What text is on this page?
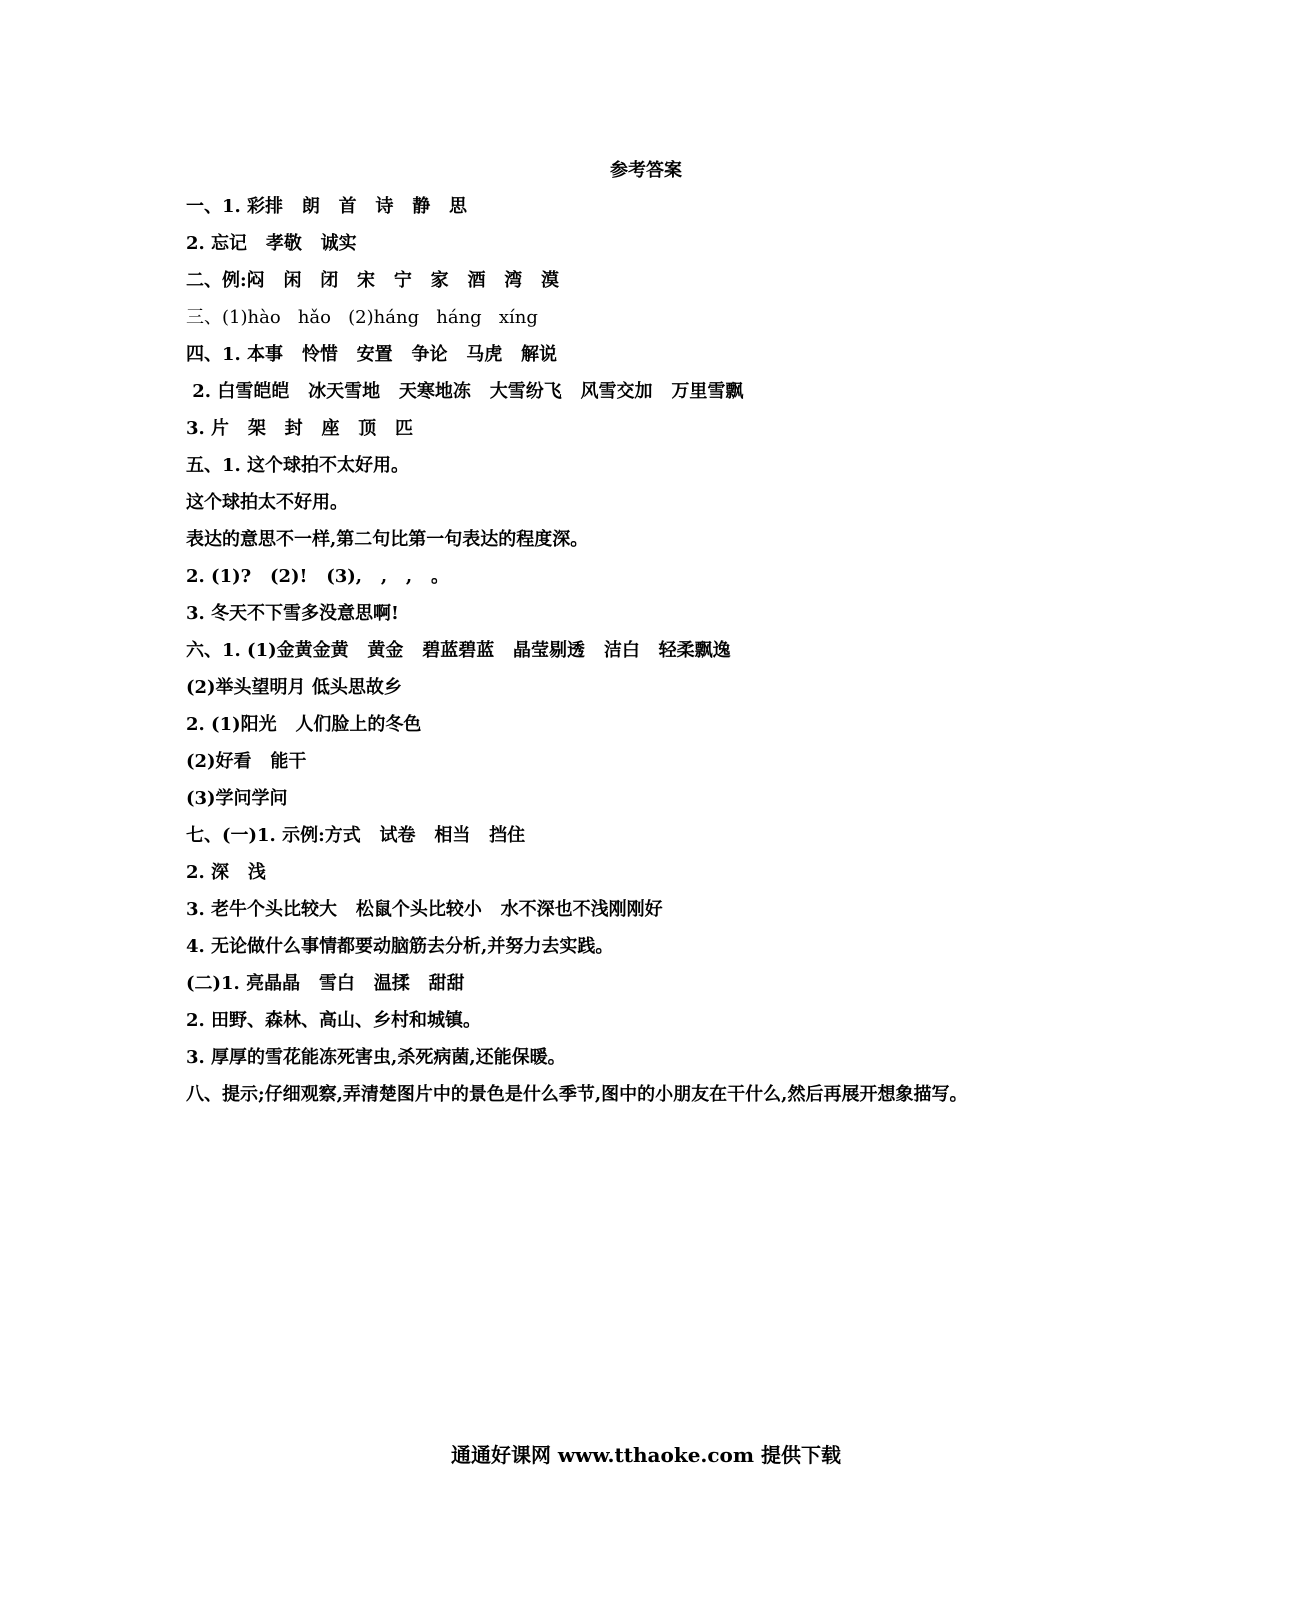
参考答案
一、1. 彩排   朗   首   诗   静   思
2. 忘记   孝敬   诚实
二、例:闷   闲   闭   宋   宁   家   酒   湾   漠
三、(1)hào   hǎo   (2)háng   háng   xíng
四、1. 本事   怜惜   安置   争论   马虎   解说
2. 白雪皑皑   冰天雪地   天寒地冻   大雪纷飞   风雪交加   万里雪飘
3. 片   架   封   座   顶   匹
五、1. 这个球拍不太好用。
这个球拍太不好用。
表达的意思不一样,第二句比第一句表达的程度深。
2. (1)?   (2)!   (3),   ,   ,   。
3. 冬天不下雪多没意思啊!
六、1. (1)金黄金黄   黄金   碧蓝碧蓝   晶莹剔透   洁白   轻柔飘逸
(2)举头望明月 低头思故乡
2. (1)阳光   人们脸上的冬色
(2)好看   能干
(3)学问学问
七、(一)1. 示例:方式   试卷   相当   挡住
2. 深   浅
3. 老牛个头比较大   松鼠个头比较小   水不深也不浅刚刚好
4. 无论做什么事情都要动脑筋去分析,并努力去实践。
(二)1. 亮晶晶   雪白   温揉   甜甜
2. 田野、森林、高山、乡村和城镇。
3. 厚厚的雪花能冻死害虫,杀死病菌,还能保暖。
八、提示;仔细观察,弄清楚图片中的景色是什么季节,图中的小朋友在干什么,然后再展开想象描写。
通通好课网 www.tthaoke.com 提供下载
